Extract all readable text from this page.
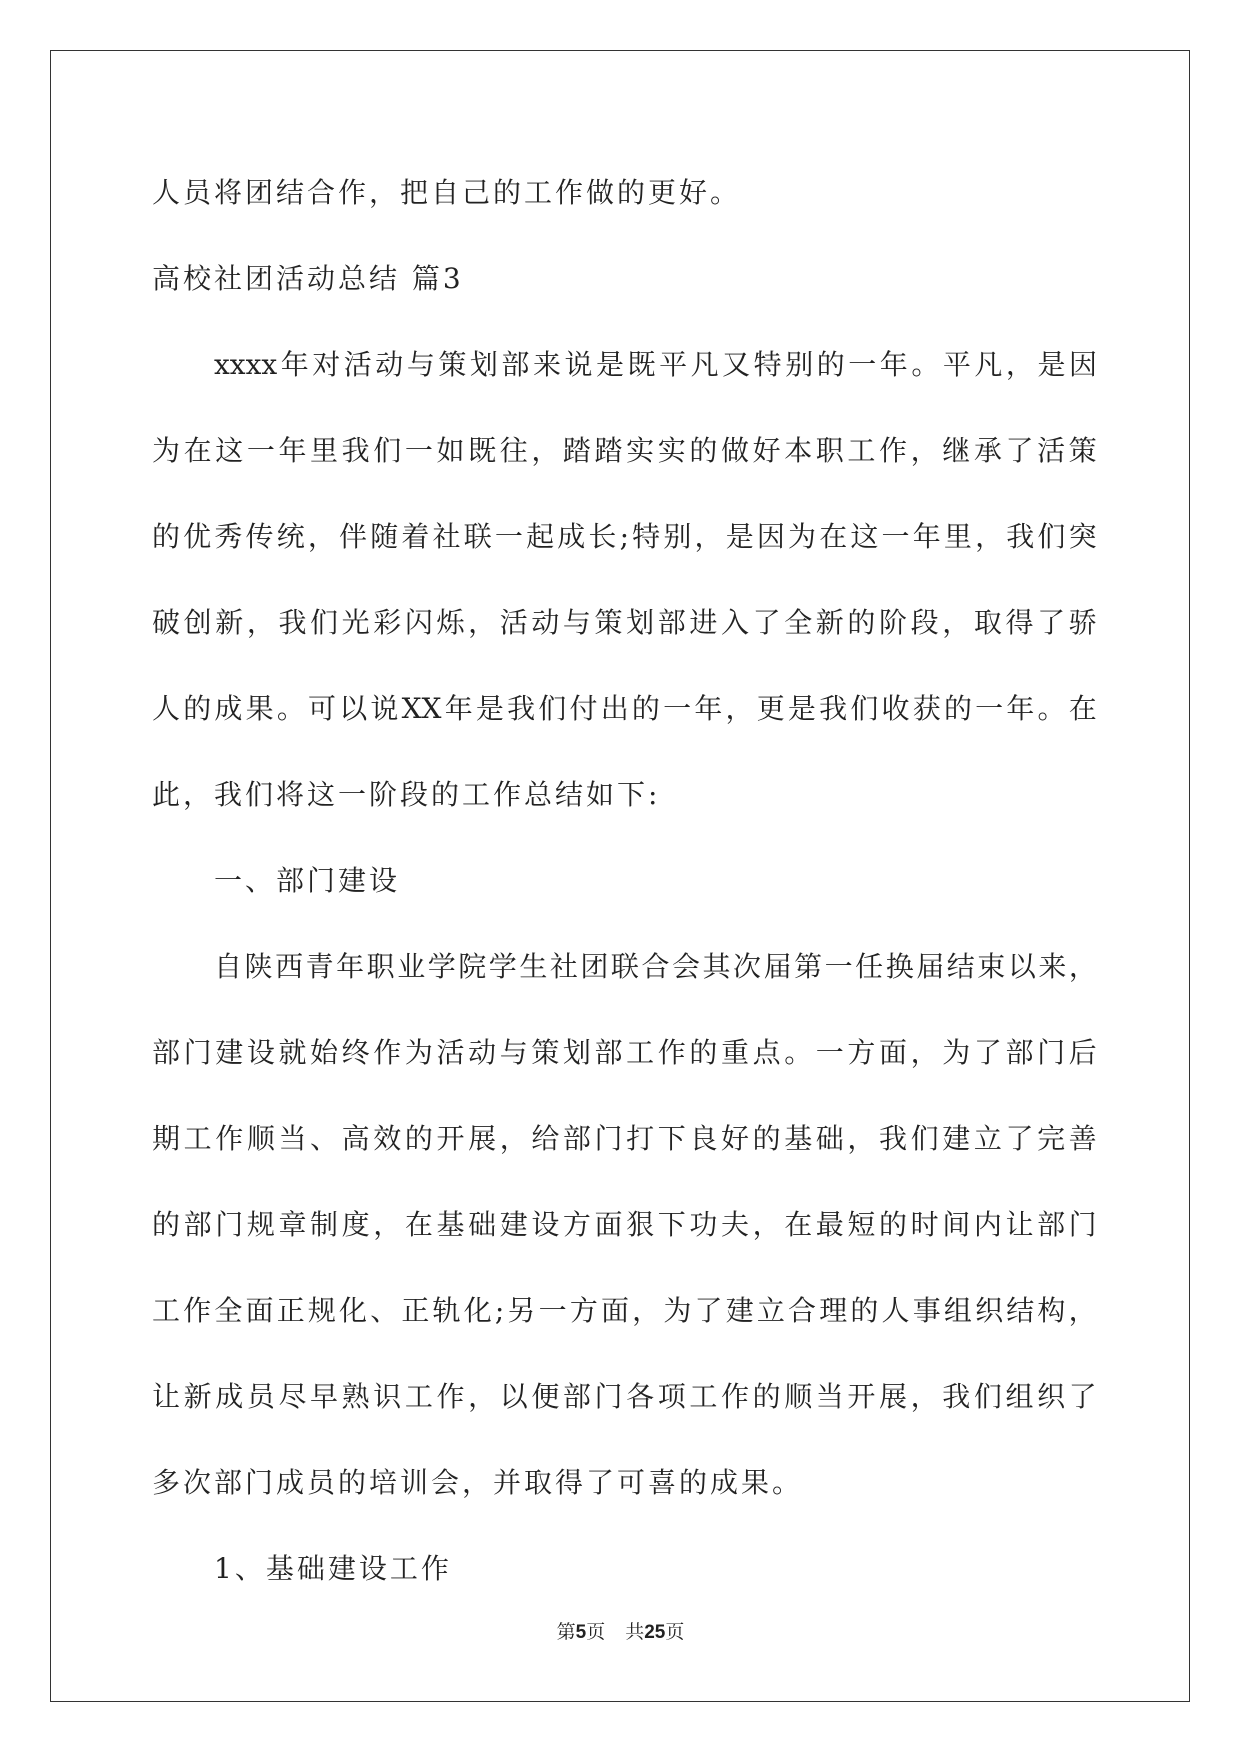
人员将团结合作，把自己的工作做的更好。
高校社团活动总结 篇3
xxxx 年 对 活 动 与 策 划 部 来 说 是 既 平 凡 又 特 别 的 一 年 。 平 凡 ， 是 因
为 在 这 一 年 里 我 们 一 如 既 往 ， 踏 踏 实 实 的 做 好 本 职 工 作 ， 继 承 了 活 策
的 优 秀 传 统 ， 伴 随 着 社 联 一 起 成 长 ; 特 别 ， 是 因 为 在 这 一 年 里 ， 我 们 突
破 创 新 ， 我 们 光 彩 闪 烁 ， 活 动 与 策 划 部 进 入 了 全 新 的 阶 段 ， 取 得 了 骄
人 的 成 果 。 可 以 说 XX 年 是 我 们 付 出 的 一 年 ， 更 是 我 们 收 获 的 一 年 。 在
此，我们将这一阶段的工作总结如下:
一、部门建设
自 陕 西 青 年 职 业 学 院 学 生 社 团 联 合 会 其 次 届 第 一 任 换 届 结 束 以 来 ，
部 门 建 设 就 始 终 作 为 活 动 与 策 划 部 工 作 的 重 点 。 一 方 面 ， 为 了 部 门 后
期 工 作 顺 当 、 高 效 的 开 展 ， 给 部 门 打 下 良 好 的 基 础 ， 我 们 建 立 了 完 善
的 部 门 规 章 制 度 ， 在 基 础 建 设 方 面 狠 下 功 夫 ， 在 最 短 的 时 间 内 让 部 门
工 作 全 面 正 规 化 、 正 轨 化 ; 另 一 方 面 ， 为 了 建 立 合 理 的 人 事 组 织 结 构 ，
让 新 成 员 尽 早 熟 识 工 作 ， 以 便 部 门 各 项 工 作 的 顺 当 开 展 ， 我 们 组 织 了
多次部门成员的培训会，并取得了可喜的成果。
1、基础建设工作
第5页 共25页
